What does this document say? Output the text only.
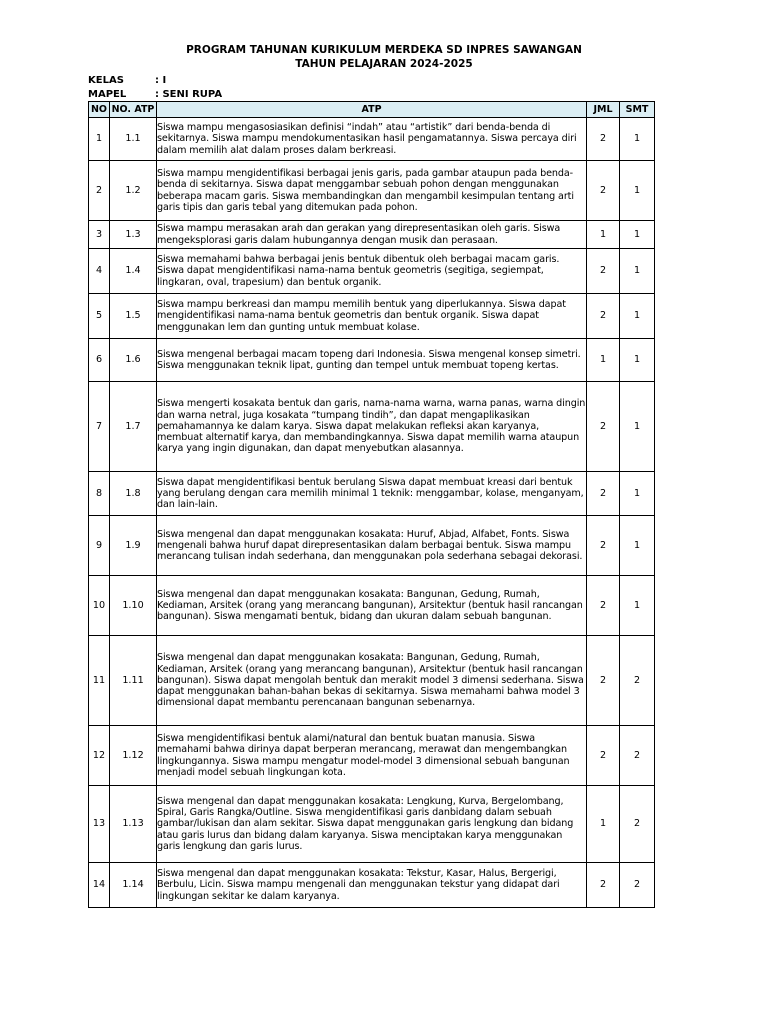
PROGRAM TAHUNAN KURIKULUM MERDEKA SD INPRES SAWANGAN
TAHUN PELAJARAN 2024-2025
KELAS	: I
MAPEL	: SENI RUPA
NO	NO. ATP	ATP	JML	SMT
1	1.1	Siswa mampu mengasosiasikan definisi “indah” atau “artistik” dari benda-benda di sekitarnya. Siswa mampu mendokumentasikan hasil pengamatannya. Siswa percaya diri dalam memilih alat dalam proses dalam berkreasi.	2	1
2	1.2	Siswa mampu mengidentifikasi berbagai jenis garis, pada gambar ataupun pada benda-benda di sekitarnya. Siswa dapat menggambar sebuah pohon dengan menggunakan beberapa macam garis. Siswa membandingkan dan mengambil kesimpulan tentang arti garis tipis dan garis tebal yang ditemukan pada pohon.	2	1
3	1.3	Siswa mampu merasakan arah dan gerakan yang direpresentasikan oleh garis. Siswa mengeksplorasi garis dalam hubungannya dengan musik dan perasaan.	1	1
4	1.4	Siswa memahami bahwa berbagai jenis bentuk dibentuk oleh berbagai macam garis. Siswa dapat mengidentifikasi nama-nama bentuk geometris (segitiga, segiempat, lingkaran, oval, trapesium) dan bentuk organik.	2	1
5	1.5	Siswa mampu berkreasi dan mampu memilih bentuk yang diperlukannya. Siswa dapat mengidentifikasi nama-nama bentuk geometris dan bentuk organik. Siswa dapat menggunakan lem dan gunting untuk membuat kolase.	2	1
6	1.6	Siswa mengenal berbagai macam topeng dari Indonesia. Siswa mengenal konsep simetri. Siswa menggunakan teknik lipat, gunting dan tempel untuk membuat topeng kertas.	1	1
7	1.7	Siswa mengerti kosakata bentuk dan garis, nama-nama warna, warna panas, warna dingin dan warna netral, juga kosakata “tumpang tindih”, dan dapat mengaplikasikan pemahamannya ke dalam karya. Siswa dapat melakukan refleksi akan karyanya, membuat alternatif karya, dan membandingkannya. Siswa dapat memilih warna ataupun karya yang ingin digunakan, dan dapat menyebutkan alasannya.	2	1
8	1.8	Siswa dapat mengidentifikasi bentuk berulang Siswa dapat membuat kreasi dari bentuk yang berulang dengan cara memilih minimal 1 teknik: menggambar, kolase, menganyam, dan lain-lain.	2	1
9	1.9	Siswa mengenal dan dapat menggunakan kosakata: Huruf, Abjad, Alfabet, Fonts. Siswa mengenali bahwa huruf dapat direpresentasikan dalam berbagai bentuk. Siswa mampu merancang tulisan indah sederhana, dan menggunakan pola sederhana sebagai dekorasi.	2	1
10	1.10	Siswa mengenal dan dapat menggunakan kosakata: Bangunan, Gedung, Rumah, Kediaman, Arsitek (orang yang merancang bangunan), Arsitektur (bentuk hasil rancangan bangunan). Siswa mengamati bentuk, bidang dan ukuran dalam sebuah bangunan.	2	1
11	1.11	Siswa mengenal dan dapat menggunakan kosakata: Bangunan, Gedung, Rumah, Kediaman, Arsitek (orang yang merancang bangunan), Arsitektur (bentuk hasil rancangan bangunan). Siswa dapat mengolah bentuk dan merakit model 3 dimensi sederhana. Siswa dapat menggunakan bahan-bahan bekas di sekitarnya. Siswa memahami bahwa model 3 dimensional dapat membantu perencanaan bangunan sebenarnya.	2	2
12	1.12	Siswa mengidentifikasi bentuk alami/natural dan bentuk buatan manusia. Siswa memahami bahwa dirinya dapat berperan merancang, merawat dan mengembangkan lingkungannya. Siswa mampu mengatur model-model 3 dimensional sebuah bangunan menjadi model sebuah lingkungan kota.	2	2
13	1.13	Siswa mengenal dan dapat menggunakan kosakata: Lengkung, Kurva, Bergelombang, Spiral, Garis Rangka/Outline. Siswa mengidentifikasi garis danbidang dalam sebuah gambar/lukisan dan alam sekitar. Siswa dapat menggunakan garis lengkung dan bidang atau garis lurus dan bidang dalam karyanya. Siswa menciptakan karya menggunakan garis lengkung dan garis lurus.	1	2
14	1.14	Siswa mengenal dan dapat menggunakan kosakata: Tekstur, Kasar, Halus, Bergerigi, Berbulu, Licin. Siswa mampu mengenali dan menggunakan tekstur yang didapat dari lingkungan sekitar ke dalam karyanya.	2	2
